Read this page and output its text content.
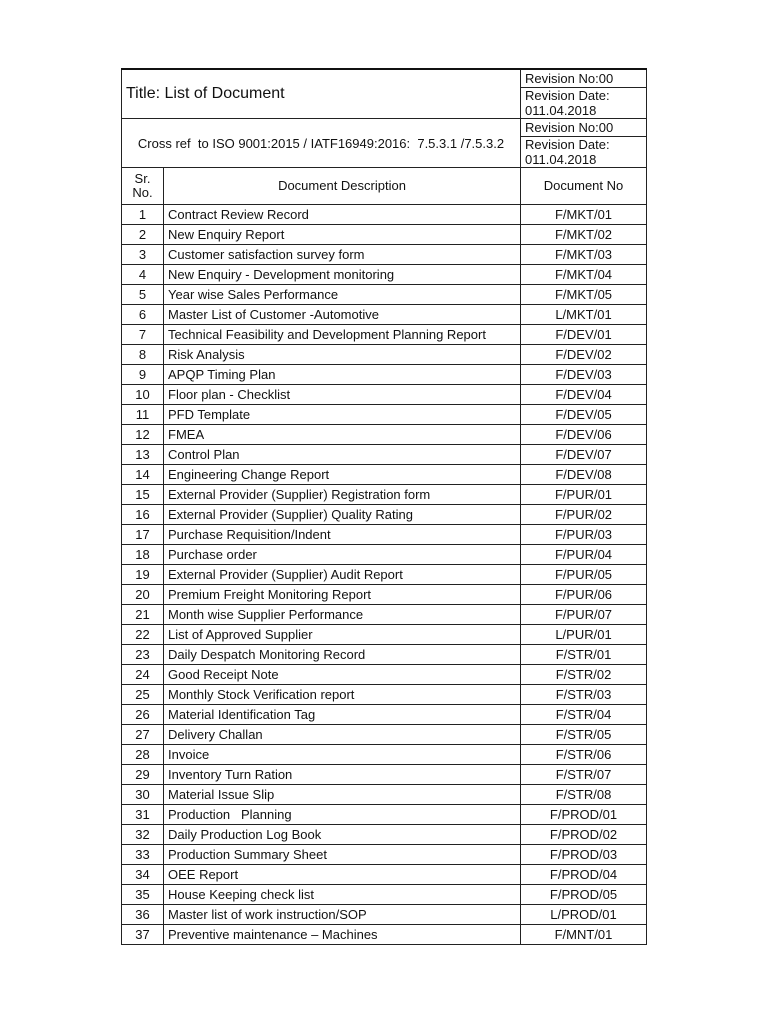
Title: List of Document		Revision No:00
		Revision Date: 011.04.2018
Cross ref  to ISO 9001:2015 / IATF16949:2016:  7.5.3.1 /7.5.3.2		Revision No:00
		Revision Date: 011.04.2018
Sr. No.	Document Description	Document No
1	Contract Review Record	F/MKT/01
2	New Enquiry Report	F/MKT/02
3	Customer satisfaction survey form	F/MKT/03
4	New Enquiry - Development monitoring	F/MKT/04
5	Year wise Sales Performance	F/MKT/05
6	Master List of Customer -Automotive	L/MKT/01
7	Technical Feasibility and Development Planning Report	F/DEV/01
8	Risk Analysis	F/DEV/02
9	APQP Timing Plan	F/DEV/03
10	Floor plan - Checklist	F/DEV/04
11	PFD Template	F/DEV/05
12	FMEA	F/DEV/06
13	Control Plan	F/DEV/07
14	Engineering Change Report	F/DEV/08
15	External Provider (Supplier) Registration form	F/PUR/01
16	External Provider (Supplier) Quality Rating	F/PUR/02
17	Purchase Requisition/Indent	F/PUR/03
18	Purchase order	F/PUR/04
19	External Provider (Supplier) Audit Report	F/PUR/05
20	Premium Freight Monitoring Report	F/PUR/06
21	Month wise Supplier Performance	F/PUR/07
22	List of Approved Supplier	L/PUR/01
23	Daily Despatch Monitoring Record	F/STR/01
24	Good Receipt Note	F/STR/02
25	Monthly Stock Verification report	F/STR/03
26	Material Identification Tag	F/STR/04
27	Delivery Challan	F/STR/05
28	Invoice	F/STR/06
29	Inventory Turn Ration	F/STR/07
30	Material Issue Slip	F/STR/08
31	Production   Planning	F/PROD/01
32	Daily Production Log Book	F/PROD/02
33	Production Summary Sheet	F/PROD/03
34	OEE Report	F/PROD/04
35	House Keeping check list	F/PROD/05
36	Master list of work instruction/SOP	L/PROD/01
37	Preventive maintenance – Machines	F/MNT/01
